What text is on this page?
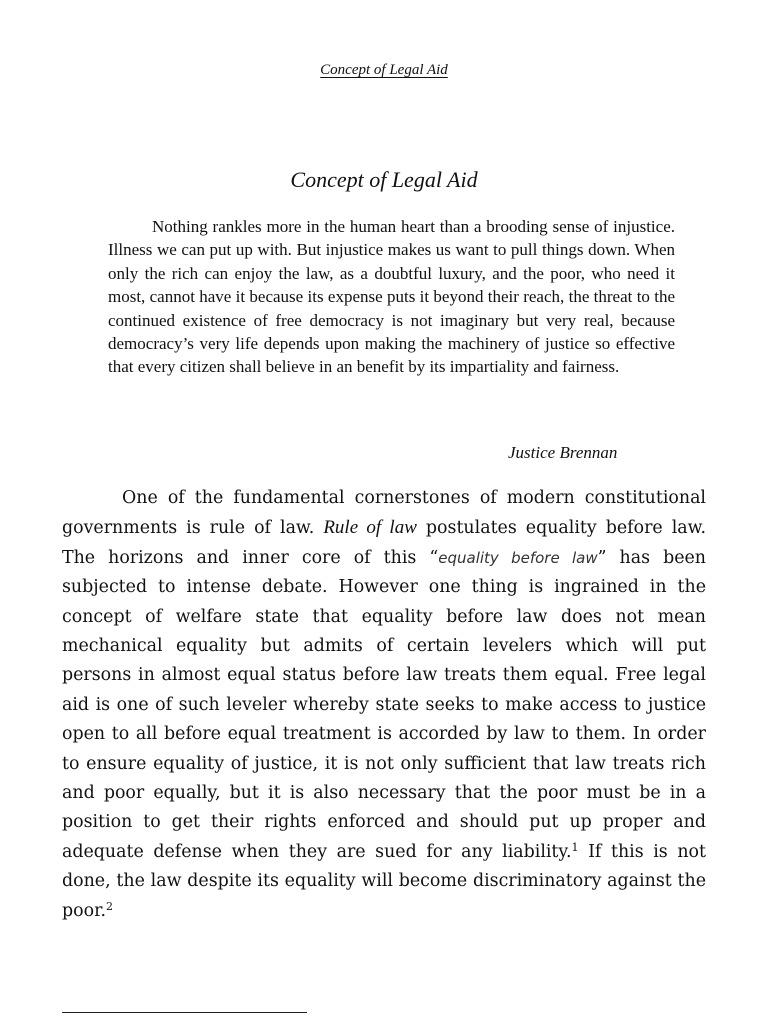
Concept of Legal Aid
Concept of Legal Aid

Nothing rankles more in the human heart than a brooding sense of injustice. Illness we can put up with. But injustice makes us want to pull things down. When only the rich can enjoy the law, as a doubtful luxury, and the poor, who need it most, cannot have it because its expense puts it beyond their reach, the threat to the continued existence of free democracy is not imaginary but very real, because democracy’s very life depends upon making the machinery of justice so effective that every citizen shall believe in an benefit by its impartiality and fairness.

Justice Brennan

One of the fundamental cornerstones of modern constitutional governments is rule of law. Rule of law postulates equality before law. The horizons and inner core of this “equality before law” has been subjected to intense debate. However one thing is ingrained in the concept of welfare state that equality before law does not mean mechanical equality but admits of certain levelers which will put persons in almost equal status before law treats them equal. Free legal aid is one of such leveler whereby state seeks to make access to justice open to all before equal treatment is accorded by law to them. In order to ensure equality of justice, it is not only sufficient that law treats rich and poor equally, but it is also necessary that the poor must be in a position to get their rights enforced and should put up proper and adequate defense when they are sued for any liability.$^1$ If this is not done, the law despite its equality will become discriminatory against the poor.$^2$
